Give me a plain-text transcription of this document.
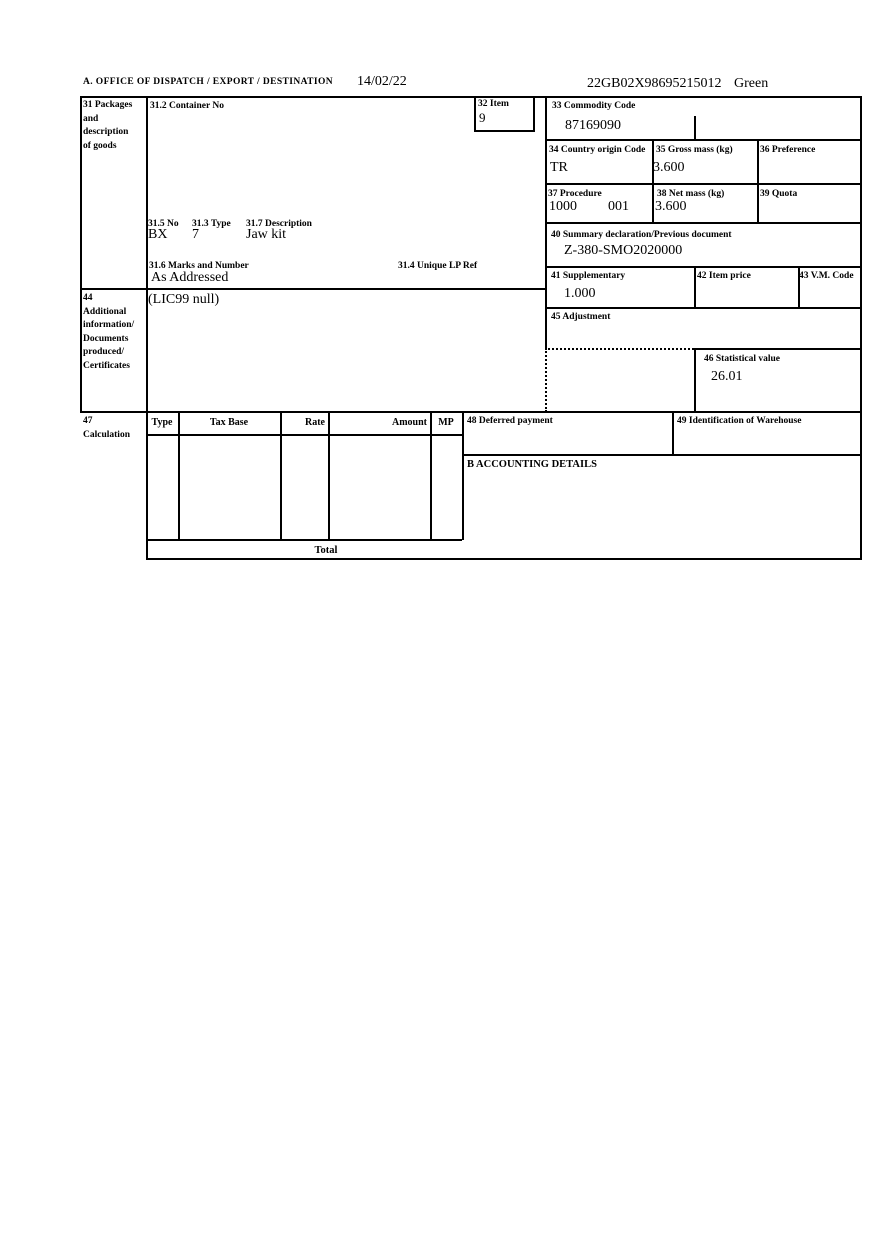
A. OFFICE OF DISPATCH / EXPORT / DESTINATION 14/02/22	22GB02X98695215012 Green
31 Packages
and
description
of goods
31.2 Container No	32 Item
9
31.5 No 31.3 Type 31.7 Description
BX 7	Jaw kit
31.6 Marks and Number	31.4 Unique LP Ref
As Addressed
33 Commodity Code
87169090
34 Country origin Code
TR
35 Gross mass (kg)
3.600
36 Preference
37 Procedure
1000 001
38 Net mass (kg)
3.600
39 Quota
40 Summary declaration/Previous document
Z-380-SMO2020000
41 Supplementary
1.000
42 Item price	43 V.M. Code
44
Additional
information/
Documents
produced/
Certificates
(LIC99 null)
45 Adjustment
46 Statistical value
26.01
47
Calculation
Type	Tax Base	Rate	Amount	MP
Total
48 Deferred payment	49 Identification of Warehouse
B ACCOUNTING DETAILS
